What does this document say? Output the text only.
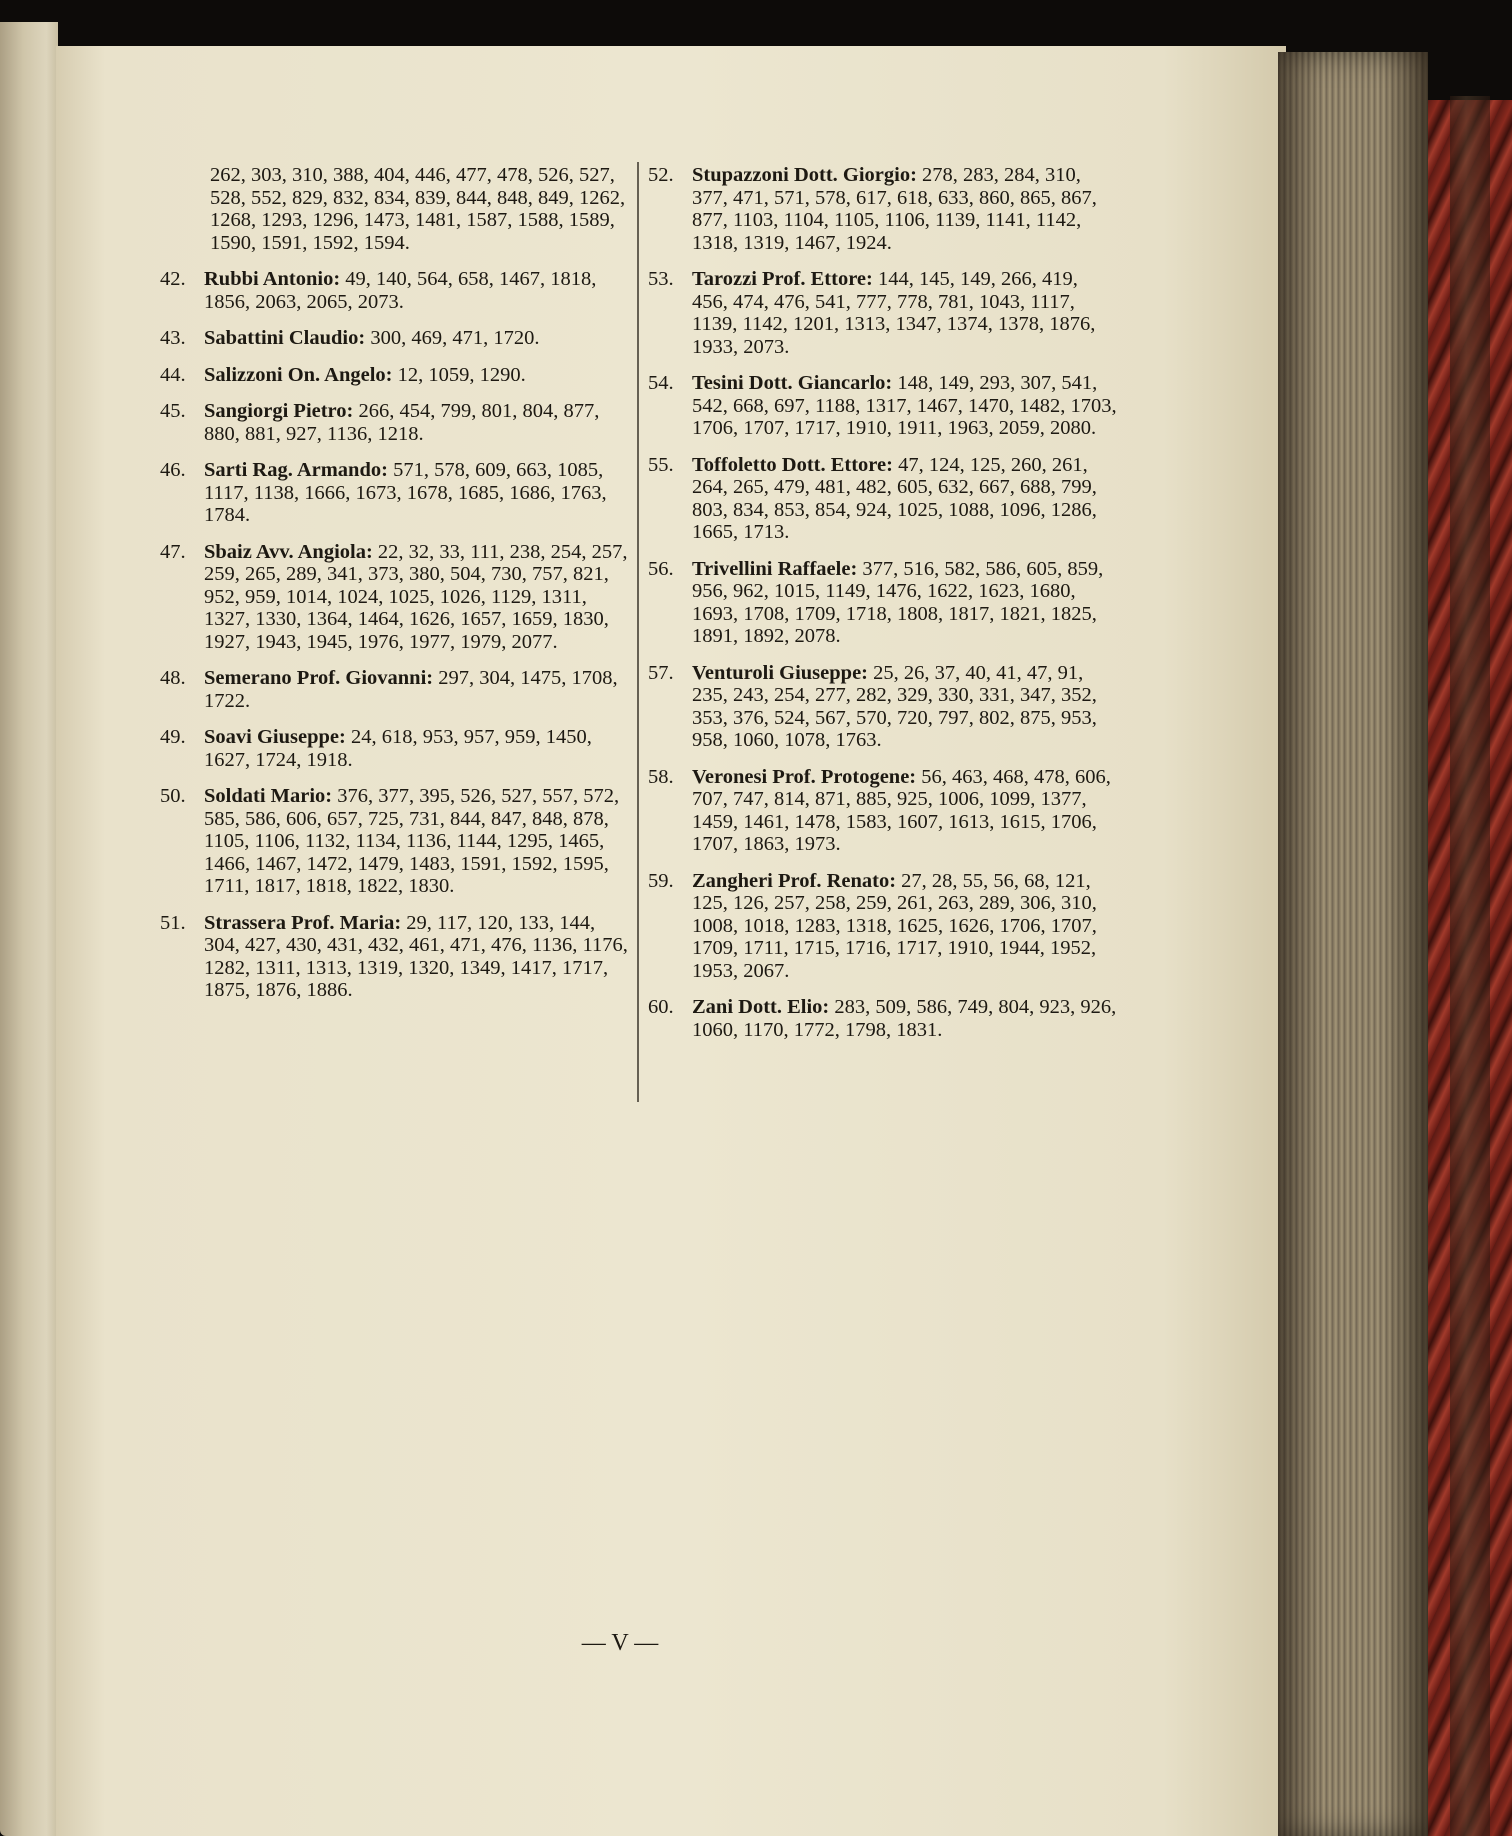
262, 303, 310, 388, 404, 446, 477, 478, 526, 527, 528, 552, 829, 832, 834, 839, 844, 848, 849, 1262, 1268, 1293, 1296, 1473, 1481, 1587, 1588, 1589, 1590, 1591, 1592, 1594.
42. Rubbi Antonio: 49, 140, 564, 658, 1467, 1818, 1856, 2063, 2065, 2073.
43. Sabattini Claudio: 300, 469, 471, 1720.
44. Salizzoni On. Angelo: 12, 1059, 1290.
45. Sangiorgi Pietro: 266, 454, 799, 801, 804, 877, 880, 881, 927, 1136, 1218.
46. Sarti Rag. Armando: 571, 578, 609, 663, 1085, 1117, 1138, 1666, 1673, 1678, 1685, 1686, 1763, 1784.
47. Sbaiz Avv. Angiola: 22, 32, 33, 111, 238, 254, 257, 259, 265, 289, 341, 373, 380, 504, 730, 757, 821, 952, 959, 1014, 1024, 1025, 1026, 1129, 1311, 1327, 1330, 1364, 1464, 1626, 1657, 1659, 1830, 1927, 1943, 1945, 1976, 1977, 1979, 2077.
48. Semerano Prof. Giovanni: 297, 304, 1475, 1708, 1722.
49. Soavi Giuseppe: 24, 618, 953, 957, 959, 1450, 1627, 1724, 1918.
50. Soldati Mario: 376, 377, 395, 526, 527, 557, 572, 585, 586, 606, 657, 725, 731, 844, 847, 848, 878, 1105, 1106, 1132, 1134, 1136, 1144, 1295, 1465, 1466, 1467, 1472, 1479, 1483, 1591, 1592, 1595, 1711, 1817, 1818, 1822, 1830.
51. Strassera Prof. Maria: 29, 117, 120, 133, 144, 304, 427, 430, 431, 432, 461, 471, 476, 1136, 1176, 1282, 1311, 1313, 1319, 1320, 1349, 1417, 1717, 1875, 1876, 1886.
52. Stupazzoni Dott. Giorgio: 278, 283, 284, 310, 377, 471, 571, 578, 617, 618, 633, 860, 865, 867, 877, 1103, 1104, 1105, 1106, 1139, 1141, 1142, 1318, 1319, 1467, 1924.
53. Tarozzi Prof. Ettore: 144, 145, 149, 266, 419, 456, 474, 476, 541, 777, 778, 781, 1043, 1117, 1139, 1142, 1201, 1313, 1347, 1374, 1378, 1876, 1933, 2073.
54. Tesini Dott. Giancarlo: 148, 149, 293, 307, 541, 542, 668, 697, 1188, 1317, 1467, 1470, 1482, 1703, 1706, 1707, 1717, 1910, 1911, 1963, 2059, 2080.
55. Toffoletto Dott. Ettore: 47, 124, 125, 260, 261, 264, 265, 479, 481, 482, 605, 632, 667, 688, 799, 803, 834, 853, 854, 924, 1025, 1088, 1096, 1286, 1665, 1713.
56. Trivellini Raffaele: 377, 516, 582, 586, 605, 859, 956, 962, 1015, 1149, 1476, 1622, 1623, 1680, 1693, 1708, 1709, 1718, 1808, 1817, 1821, 1825, 1891, 1892, 2078.
57. Venturoli Giuseppe: 25, 26, 37, 40, 41, 47, 91, 235, 243, 254, 277, 282, 329, 330, 331, 347, 352, 353, 376, 524, 567, 570, 720, 797, 802, 875, 953, 958, 1060, 1078, 1763.
58. Veronesi Prof. Protogene: 56, 463, 468, 478, 606, 707, 747, 814, 871, 885, 925, 1006, 1099, 1377, 1459, 1461, 1478, 1583, 1607, 1613, 1615, 1706, 1707, 1863, 1973.
59. Zangheri Prof. Renato: 27, 28, 55, 56, 68, 121, 125, 126, 257, 258, 259, 261, 263, 289, 306, 310, 1008, 1018, 1283, 1318, 1625, 1626, 1706, 1707, 1709, 1711, 1715, 1716, 1717, 1910, 1944, 1952, 1953, 2067.
60. Zani Dott. Elio: 283, 509, 586, 749, 804, 923, 926, 1060, 1170, 1772, 1798, 1831.
— V —
